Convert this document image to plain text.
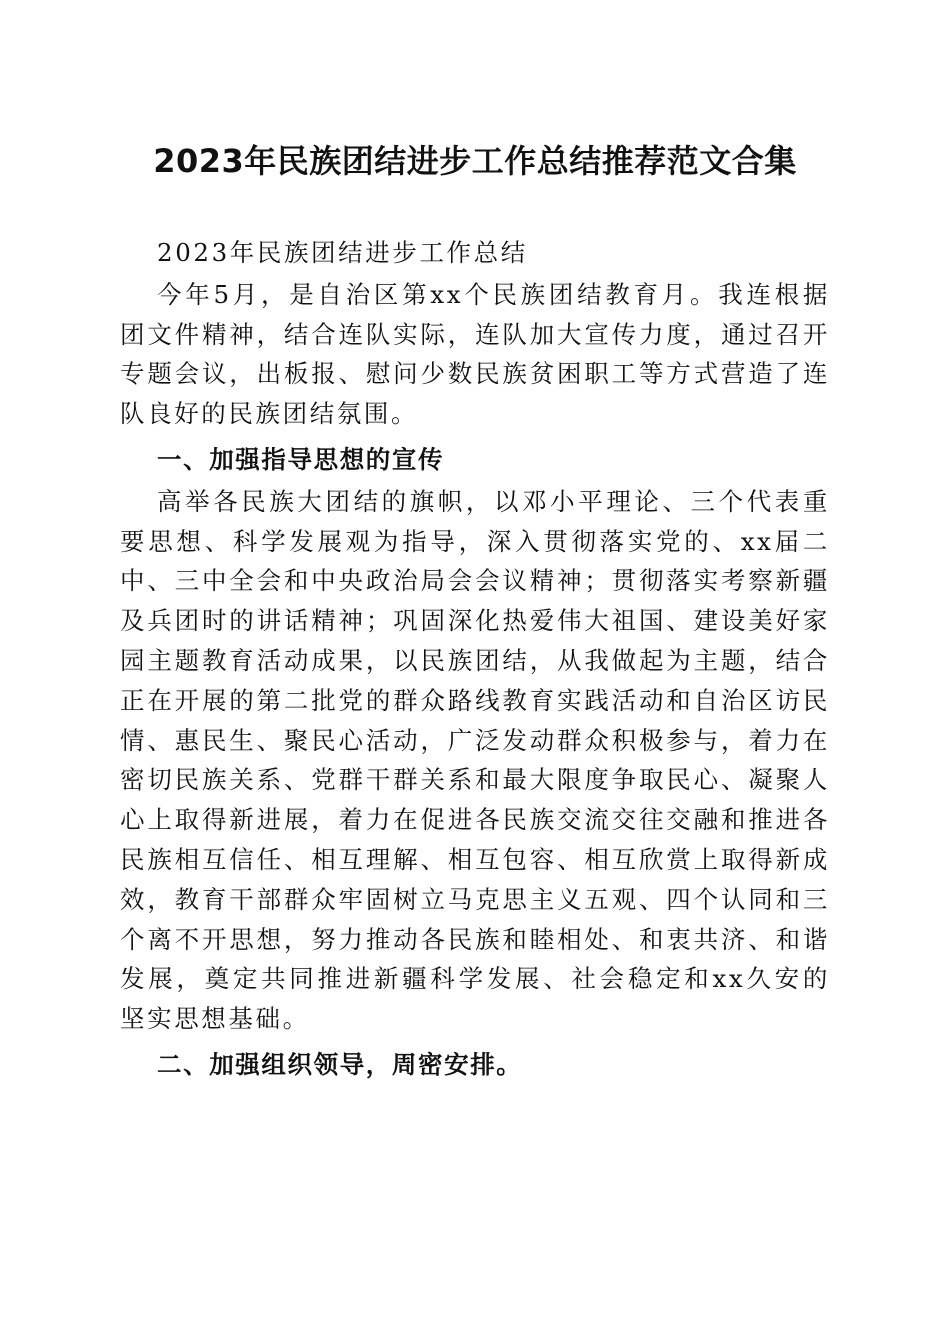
2023年民族团结进步工作总结推荐范文合集

2023年民族团结进步工作总结

今年5月，是自治区第xx个民族团结教育月。我连根据团文件精神，结合连队实际，连队加大宣传力度，通过召开专题会议，出板报、慰问少数民族贫困职工等方式营造了连队良好的民族团结氛围。

一、加强指导思想的宣传

高举各民族大团结的旗帜，以邓小平理论、三个代表重要思想、科学发展观为指导，深入贯彻落实党的、xx届二中、三中全会和中央政治局会会议精神；贯彻落实考察新疆及兵团时的讲话精神；巩固深化热爱伟大祖国、建设美好家园主题教育活动成果，以民族团结，从我做起为主题，结合正在开展的第二批党的群众路线教育实践活动和自治区访民情、惠民生、聚民心活动，广泛发动群众积极参与，着力在密切民族关系、党群干群关系和最大限度争取民心、凝聚人心上取得新进展，着力在促进各民族交流交往交融和推进各民族相互信任、相互理解、相互包容、相互欣赏上取得新成效，教育干部群众牢固树立马克思主义五观、四个认同和三个离不开思想，努力推动各民族和睦相处、和衷共济、和谐发展，奠定共同推进新疆科学发展、社会稳定和xx久安的坚实思想基础。

二、加强组织领导，周密安排。
